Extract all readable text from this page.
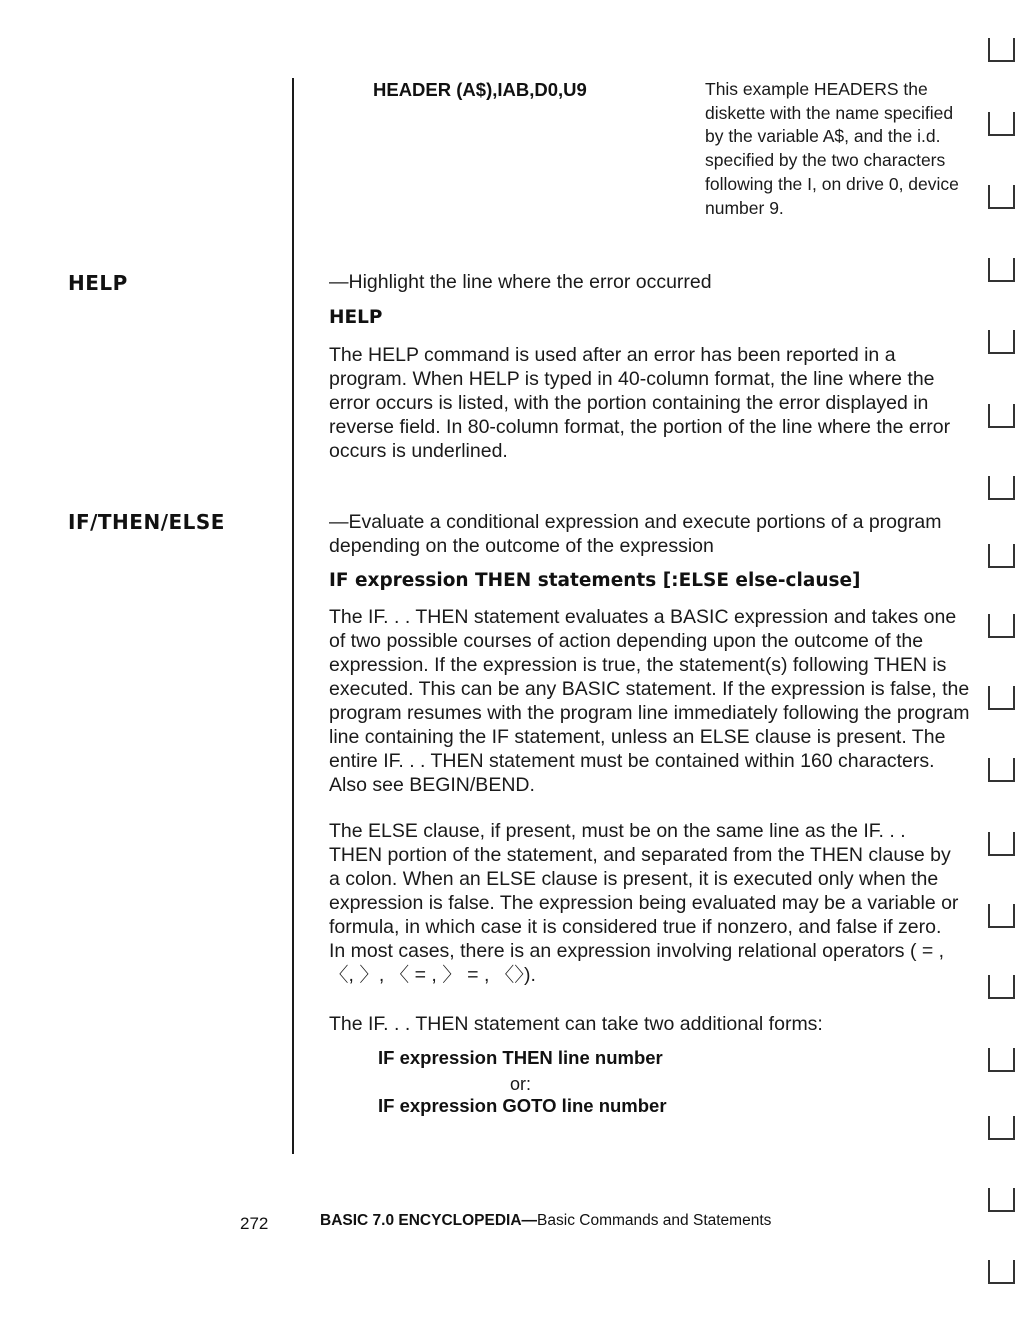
HEADER (A$),IAB,D0,U9	This example HEADERS the diskette with the name specified by the variable A$, and the i.d. specified by the two characters following the I, on drive 0, device number 9.

HELP	—Highlight the line where the error occurred

HELP

The HELP command is used after an error has been reported in a program. When HELP is typed in 40-column format, the line where the error occurs is listed, with the portion containing the error displayed in reverse field. In 80-column format, the portion of the line where the error occurs is underlined.

IF/THEN/ELSE	—Evaluate a conditional expression and execute portions of a program depending on the outcome of the expression

IF expression THEN statements [:ELSE else-clause]

The IF. . . THEN statement evaluates a BASIC expression and takes one of two possible courses of action depending upon the outcome of the expression. If the expression is true, the statement(s) following THEN is executed. This can be any BASIC statement. If the expression is false, the program resumes with the program line immediately following the program line containing the IF statement, unless an ELSE clause is present. The entire IF. . . THEN statement must be contained within 160 characters. Also see BEGIN/BEND.

The ELSE clause, if present, must be on the same line as the IF. . . THEN portion of the statement, and separated from the THEN clause by a colon. When an ELSE clause is present, it is executed only when the expression is false. The expression being evaluated may be a variable or formula, in which case it is considered true if nonzero, and false if zero. In most cases, there is an expression involving relational operators ( = , 〈, 〉, 〈 = , 〉 = , 〈〉).

The IF. . . THEN statement can take two additional forms:

IF expression THEN line number
or:
IF expression GOTO line number
272	BASIC 7.0 ENCYCLOPEDIA—Basic Commands and Statements
